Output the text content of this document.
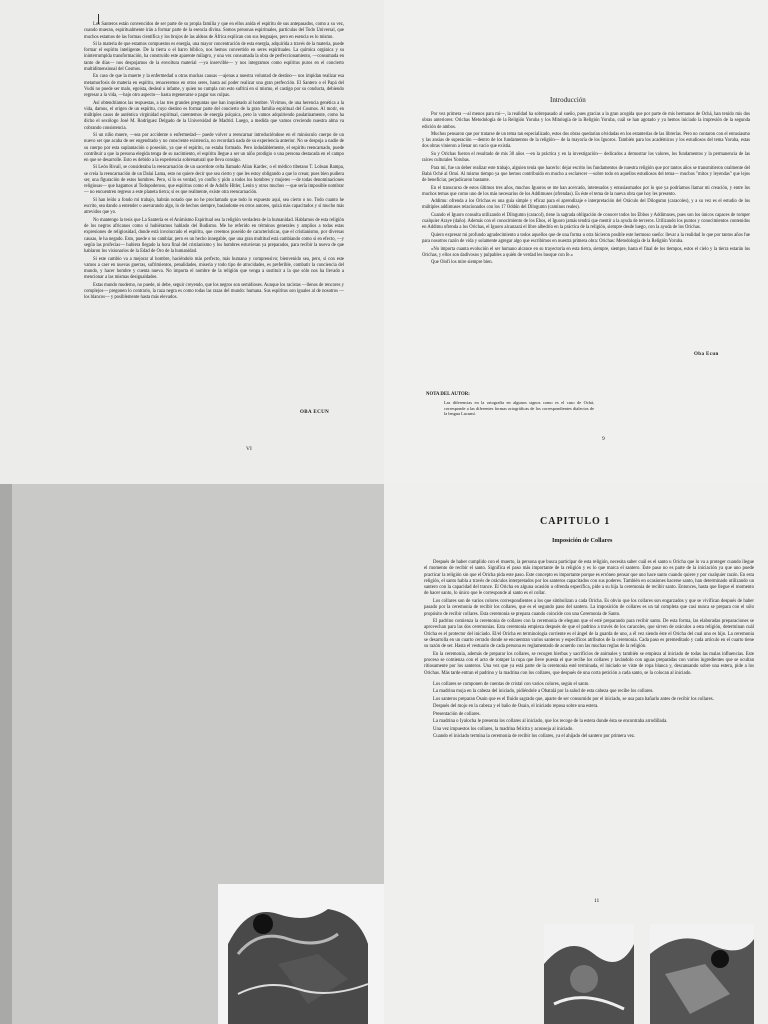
Los Santeros están convencidos de ser parte de su propia familia y que en ellos anida el espíritu de sus antepasados, como a su vez, cuando mueran, espiritualmente irán a formar parte de la esencia divina. Somos personas espirituales, partículas del Todo Universal, que muchos estamos de las formas científica y los brujos de las aldeas de África explican con sus lenguajes, pero en esencia es lo mismo.

Si la materia de que estamos compuestos es energía, una mayor concentración de esta energía, adquirida a través de la materia, puede formar el espíritu inteligente. De la tierra o el barro bíblico, nos hemos convertido en seres espirituales. La química orgánica y su ininterrumpida transformación, ha construido este aparente milagro, y una vez consumada la obra de perfeccionamiento, —consumada en tanto de días— nos despojamos de la envoltura material —ya inservible— y nos integramos como espíritus puros en el concierto multidimensional del Cosmos.

En caso de que la muerte y la enfermedad u otras muchas causas —ajenas a nuestra voluntad de destino— nos impidan realizar esa metamorfosis de materia en espíritu, renaceremos en otros seres, hasta así poder realizar una gran perfección. El Santero o el Papá del Vudú no puede ser malo, egoísta, desleal o infame, y quien no cumpla con esto sufrirá en sí mismo, el castigo por su conducta, debiendo regresar a la vida, —bajo otro aspecto— hasta regenerarse o pagar sus culpas.

Así obtendríamos las respuestas, a las tres grandes preguntas que han inquietado al hombre. Vivimos, de una herencia genética a la vida, damos, el origen de un espíritu, cuyo destino es formar parte del concierto de la gran familia espiritual del Cosmos. Al morir, en múltiples casos de auténtica virginidad espiritual, carentemos de energía psíquica, pero la vamos adquiriendo paulatinamente, como ha dicho el sexólogo José M. Rodríguez Delgado de la Universidad de Madrid. Luego, a medida que vamos creciendo nuestra alma va cobrando consistencia.

Si un niño muere, —sea por accidente o enfermedad— puede volver a reencarnar introduciéndose en el minúsculo cuerpo de un nuevo ser que acaba de ser engendrado y no consciente existencia, no recordará nada de su experiencia anterior. No se despoja a nadie de su cuerpo por esta suplantación o posesión, ya que el espíritu, no estaba formado. Pero indudablemente, el espíritu reencarnado, puede contribuir a que la persona elegida tenga de su nacimiento, el espíritu llegue a ser un niño prodigio o una persona destacada en el campo en que se desarrolle. Esto es debido a la experiencia sobrenatural que lleva consigo.

Si León Rivail, se consideraba la reencarnación de un sacerdote celta llamado Allan Kardec, o el médico tibetano T. Lobsan Rampa, se creía la reencarnación de un Dalai Lama, esto no quiere decir que sea cierto y que les estoy obligando a que lo crean; pues bien pudiera ser, una figuración de estos hombres. Pero, sí lo es verdad, yo confío y pido a todos los hombres y mujeres —de todas denominaciones religiosas— que hagamos al Todopoderoso, que espíritus como el de Adolfo Hitler, Lenin y otros muchos —que sería imposible nombrar— no encuentren regreso a este planeta tierra; si es que realmente, existe otra reencarnación.

Si han leído a fondo mi trabajo, habrán notado que no he proclamado que todo lo expuesto aquí, sea cierto o no. Todo cuanto he escrito, sea dando a entender o asevarando algo, lo de hechos siempre, basándome en otros autores, quizá más capacitados y sí mucho más atrevidos que yo.

No mantengo la tesis que La Santería es el Animismo Espiritual sea la religión verdadera de la humanidad. Hablamos de esta religión de los negros africanos como si hubiéramos hablado del Budismo. Me he referido en términos generales y amplios a todas estas expresiones de religiosidad, donde está involucrado el espíritu, que creemos poseído de características, que el cristianismo, por diversas causas, le ha negado. Esto, puede o no cambiar, pero es un hecho innegable, que una gran multitud está cambiando como si en efecto, —y según las profecías— hubiera llegado la hora final del cristianismo y los hombres estuvieran ya preparados, para recibir la nueva de que hablaron los visionarios de la Edad de Oro de la humanidad.

Si este cambio va a mejorar al hombre, haciéndolo más perfecto, más humano y comprensivo; bienvenido sea, pero, si con este vamos a caer en nuevas guerras, sufrimientos, penalidades, miseria y todo tipo de atrocidades, es preferible, combatir la conciencia del mundo, y hacer hombre y cuenta nueva. No importa el nombre de la religión que venga a sustituir a la que sólo nos ha llevado a mencionar a las mismas desigualdades.

Estas mundo moderno, no puede, ni debe, seguir creyendo, que los negros son semidioses. Aunque los racistas —llenos de rencores y complejos— pregonen lo contrario, la raza negra es como todas las razas del mundo: humana. Sus espíritus son iguales al de nosotros —los blancos— y posiblemente hasta más elevados.

OBA ECUN
VI
Introducción

Por vez primera —al menos para mí—, la realidad ha sobrepasado al sueño, pues gracias a la gran acogida que por parte de mis hermanos de Ochá, han tenido mis dos obras anteriores: Orichas Metodología de la Religión Yoruba y los Mitología de la Religión Yoruba, cuál se han agotado y ya hemos iniciado la impresión de la segunda edición de ambos.

Muchos pensaron que por tratarse de un tema tan especializado, estos dos obras quedarían olvidadas en los estanterías de las librerías. Pero no contaron con el entusiasmo y las ansias de superación —dentro de los fundamentos de la religión— de la mayoría de los Iguoros. También para los académicos y los estudiosos del tema Yoruba, estas dos obras vinieron a llenar un vacío que existía.

Su y Orichas fueron el resultado de mis 30 años —en la práctica y en la investigación— dedicados a demostrar los valores, los fundamentos y la permanencia de las raíces culturales Yorubas.

Para mí, fue un deber realizar este trabajo, alguien tenía que hacerlo: dejar escrito los fundamentos de nuestra religión que por tantos años se transmitieron oralmente del Babá Oché al Omó. Al mismo tiempo ya que hemos contribuido en mucho a esclarecer —sobre todo en aquellos estudiosos del tema— muchos "mitos y leyendas" que lejos de beneficiar, perjudicaron bastante.

En el transcurso de estos últimos tres años, muchos Iguoros se me han acercado, interesados y entusiasmados por lo que ya podríamos llamar mi creación, y entre los muchos temas que como uno de los más necesarios de los Addimuses (ofrendas). Es éste el tema de la nueva obra que hoy les presento.

Addimu: ofrenda a los Orichas es una guía simple y eficaz para el aprendizaje e interpretación del Oráculo del Dilogumn (caracoles), y a su vez es el estudio de los múltiples addimuses relacionados con los 17 Oddún del Dilogumn (caminos reales).

Cuando el Iguoro consulta utilizando el Dilogumn (caracol), tiene la sagrada obligación de conocer todos los Ebbos y Addimuses, pues son los únicos capaces de romper cualquier Araye (daño). Además con el conocimiento de los Ebos, el Iguoro jamás tendrá que mentir a la ayuda de terceros. Utilizando los puntos y conocimientos contenidos en Addimu ofrenda a los Orichas, el Iguoro alcanzará el libre albedrío en la práctica de la religión, siempre desde luego, con la ayuda de los Orichas.

Quiero expresar mi profundo agradecimiento a todos aquellos que de una forma u otra hicieron posible este hermoso sueño: llevar a la realidad lo que por tantos años fue para nosotros razón de vida y solamente agregar algo que escribimos en nuestra primera obra: Orichas: Metodología de la Religión Yoruba.

«No importa cuanta evolución el ser humano alcance en su trayectoria en esta tierra, siempre, siempre, hasta el final de los tiempos, estos el cielo y la tierra estarán los Orichas, y ellos son dadivosos y pulpables a quién de verdad les busque con fe.»

Que Olofi los mire siempre bien.

Oba Ecun
NOTA DEL AUTOR:
Las diferencias en la ortografía en algunos signos como es el caso de Ochá, corresponde a las diferentes formas ortográficas de los correspondientes dialectos de la lengua Lucumí.
9
CAPITULO 1
Imposición de Collares

Después de haber cumplido con el muerto, la persona que busca participar de esta religión, necesita saber cuál es el santo u Oricha que lo va a proteger cuando llegue el momento de recibir el santo. Significa el paso más importante de la religión y es lo que marca el santero. Este paso no es parte de la iniciación ya que uno puede practicar la religión sin que el Oricha pida este paso. Este concepto es importante porque es erróneo pensar que uno hace santo cuando quiere y por cualquier razón. En esta religión, el santo habla a través de oráculos interpretados por los santeros capacitados con sus poderes. También en ocasiones hacerse santo, han determinado utilizando un santero con la capacidad del trance. El Oricha en alguna ocasión u ofrenda específica, pide a su hija la ceremonia de recibir santo. Entonces, hasta que llegue el momento de hacer santo, lo único que le corresponde al santo es el collar.

Los collares son de varios colores correspondientes a los que simbolizan a cada Oricha. Es obvio que los collares son engarzados y que se vivifican después de haber pasado por la ceremonia de recibir los collares, que es el segundo paso del santero. La imposición de collares es un tal completa que casi nunca se prepara con el sólo propósito de recibir collares. Esta ceremonia se prepara cuando coincide con una Ceremonia de Santo.

El padrino comienza la ceremonia de collares con la ceremonia de elegunn que el esté preparando para recibir santo. De esta forma, las elaboradas preparaciones se aprovechan para las dos ceremonias. Esta ceremonia empieza después de que el padrino a través de los caracoles, que sirven de oráculos a esta religión, determinan cuál Oricha es el protector del iniciado. El/el Oricha en terminología corriente es el ángel de la guarda de uno, a él vez siendo éste el Oricha del cual uno es hijo. La ceremonia se desarrolla en un cuarto cerrado donde se encuentran varios santeros y específicos atributos de la ceremonia. Cada paso es premeditado y cada artículo en el cuarto tiene su razón de ser. Hasta el vestuario de cada persona es reglamentado de acuerdo con las muchas reglas de la religión.

En la ceremonia, además de preparar los collares, se recogen hierbas y sacrificios de animales y también se empieza al iniciado de todas las malas influencias. Este proceso se comienza con el acto de romper la ropa que lleve puesta el que recibe los collares y lavándolo con aguas preparadas con varios ingredientes que se ocultan ritiosamente por los santeros. Una vez que ya está parte de la ceremonia esté terminada, el iniciado se viste de ropa blanca y, descansando sobre una estera, pide a los Orichas. Más tarde entran el padrino y la madrina con los collares, que después de una corta petición a cada santo, se la colocan al iniciado.

Los collares se componen de cuentas de cristal con varios colores, según el santo.

La madrina moja en la cabeza del iniciado, pidiéndole a Obatalá por la salud de esta cabeza que recibe los collares.

Los santeros preparan Osain que es el fluido sagrado que, aparte de ser consumido por el iniciado, se usa para bañarlo antes de recibir los collares.

Después del mojo en la cabeza y el baño de Osain, el iniciado reposa sobre una estera.

Presentación de collares.

La madrina o Iyalocha le presenta los collares al iniciado, que los recoge de la estera donde ésta se encontraba arrodillada.

Una vez impuestos los collares, la madrina felicita y aconseja al iniciado.

Cuando el iniciado termina la ceremonia de recibir los collares, ya el ahijado del santero por primera vez.

11
